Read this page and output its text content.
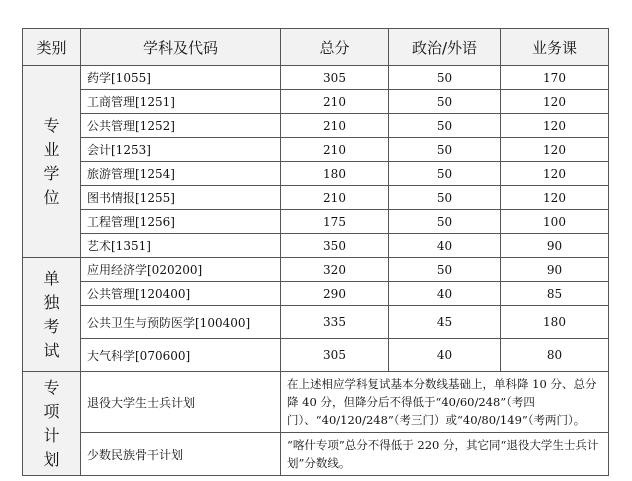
类别	学科及代码	总分	政治/外语	业务课

专
业
学
位	药学[1055]	305	50	170
	工商管理[1251]	210	50	120
	公共管理[1252]	210	50	120
	会计[1253]	210	50	120
	旅游管理[1254]	180	50	120
	图书情报[1255]	210	50	120
	工程管理[1256]	175	50	100
	艺术[1351]	350	40	90

单
独
考
试	应用经济学[020200]	320	50	90
	公共管理[120400]	290	40	85
	公共卫生与预防医学[100400]	335	45	180
	大气科学[070600]	305	40	80

专
项
计
划	退役大学生士兵计划	在上述相应学科复试基本分数线基础上，单科降 10 分、总分降 40 分，但降分后不得低于“40/60/248”（考四门）、“40/120/248”（考三门）或“40/80/149”（考两门）。		
	少数民族骨干计划	“喀什专项”总分不得低于 220 分，其它同“退役大学生士兵计划”分数线。		
